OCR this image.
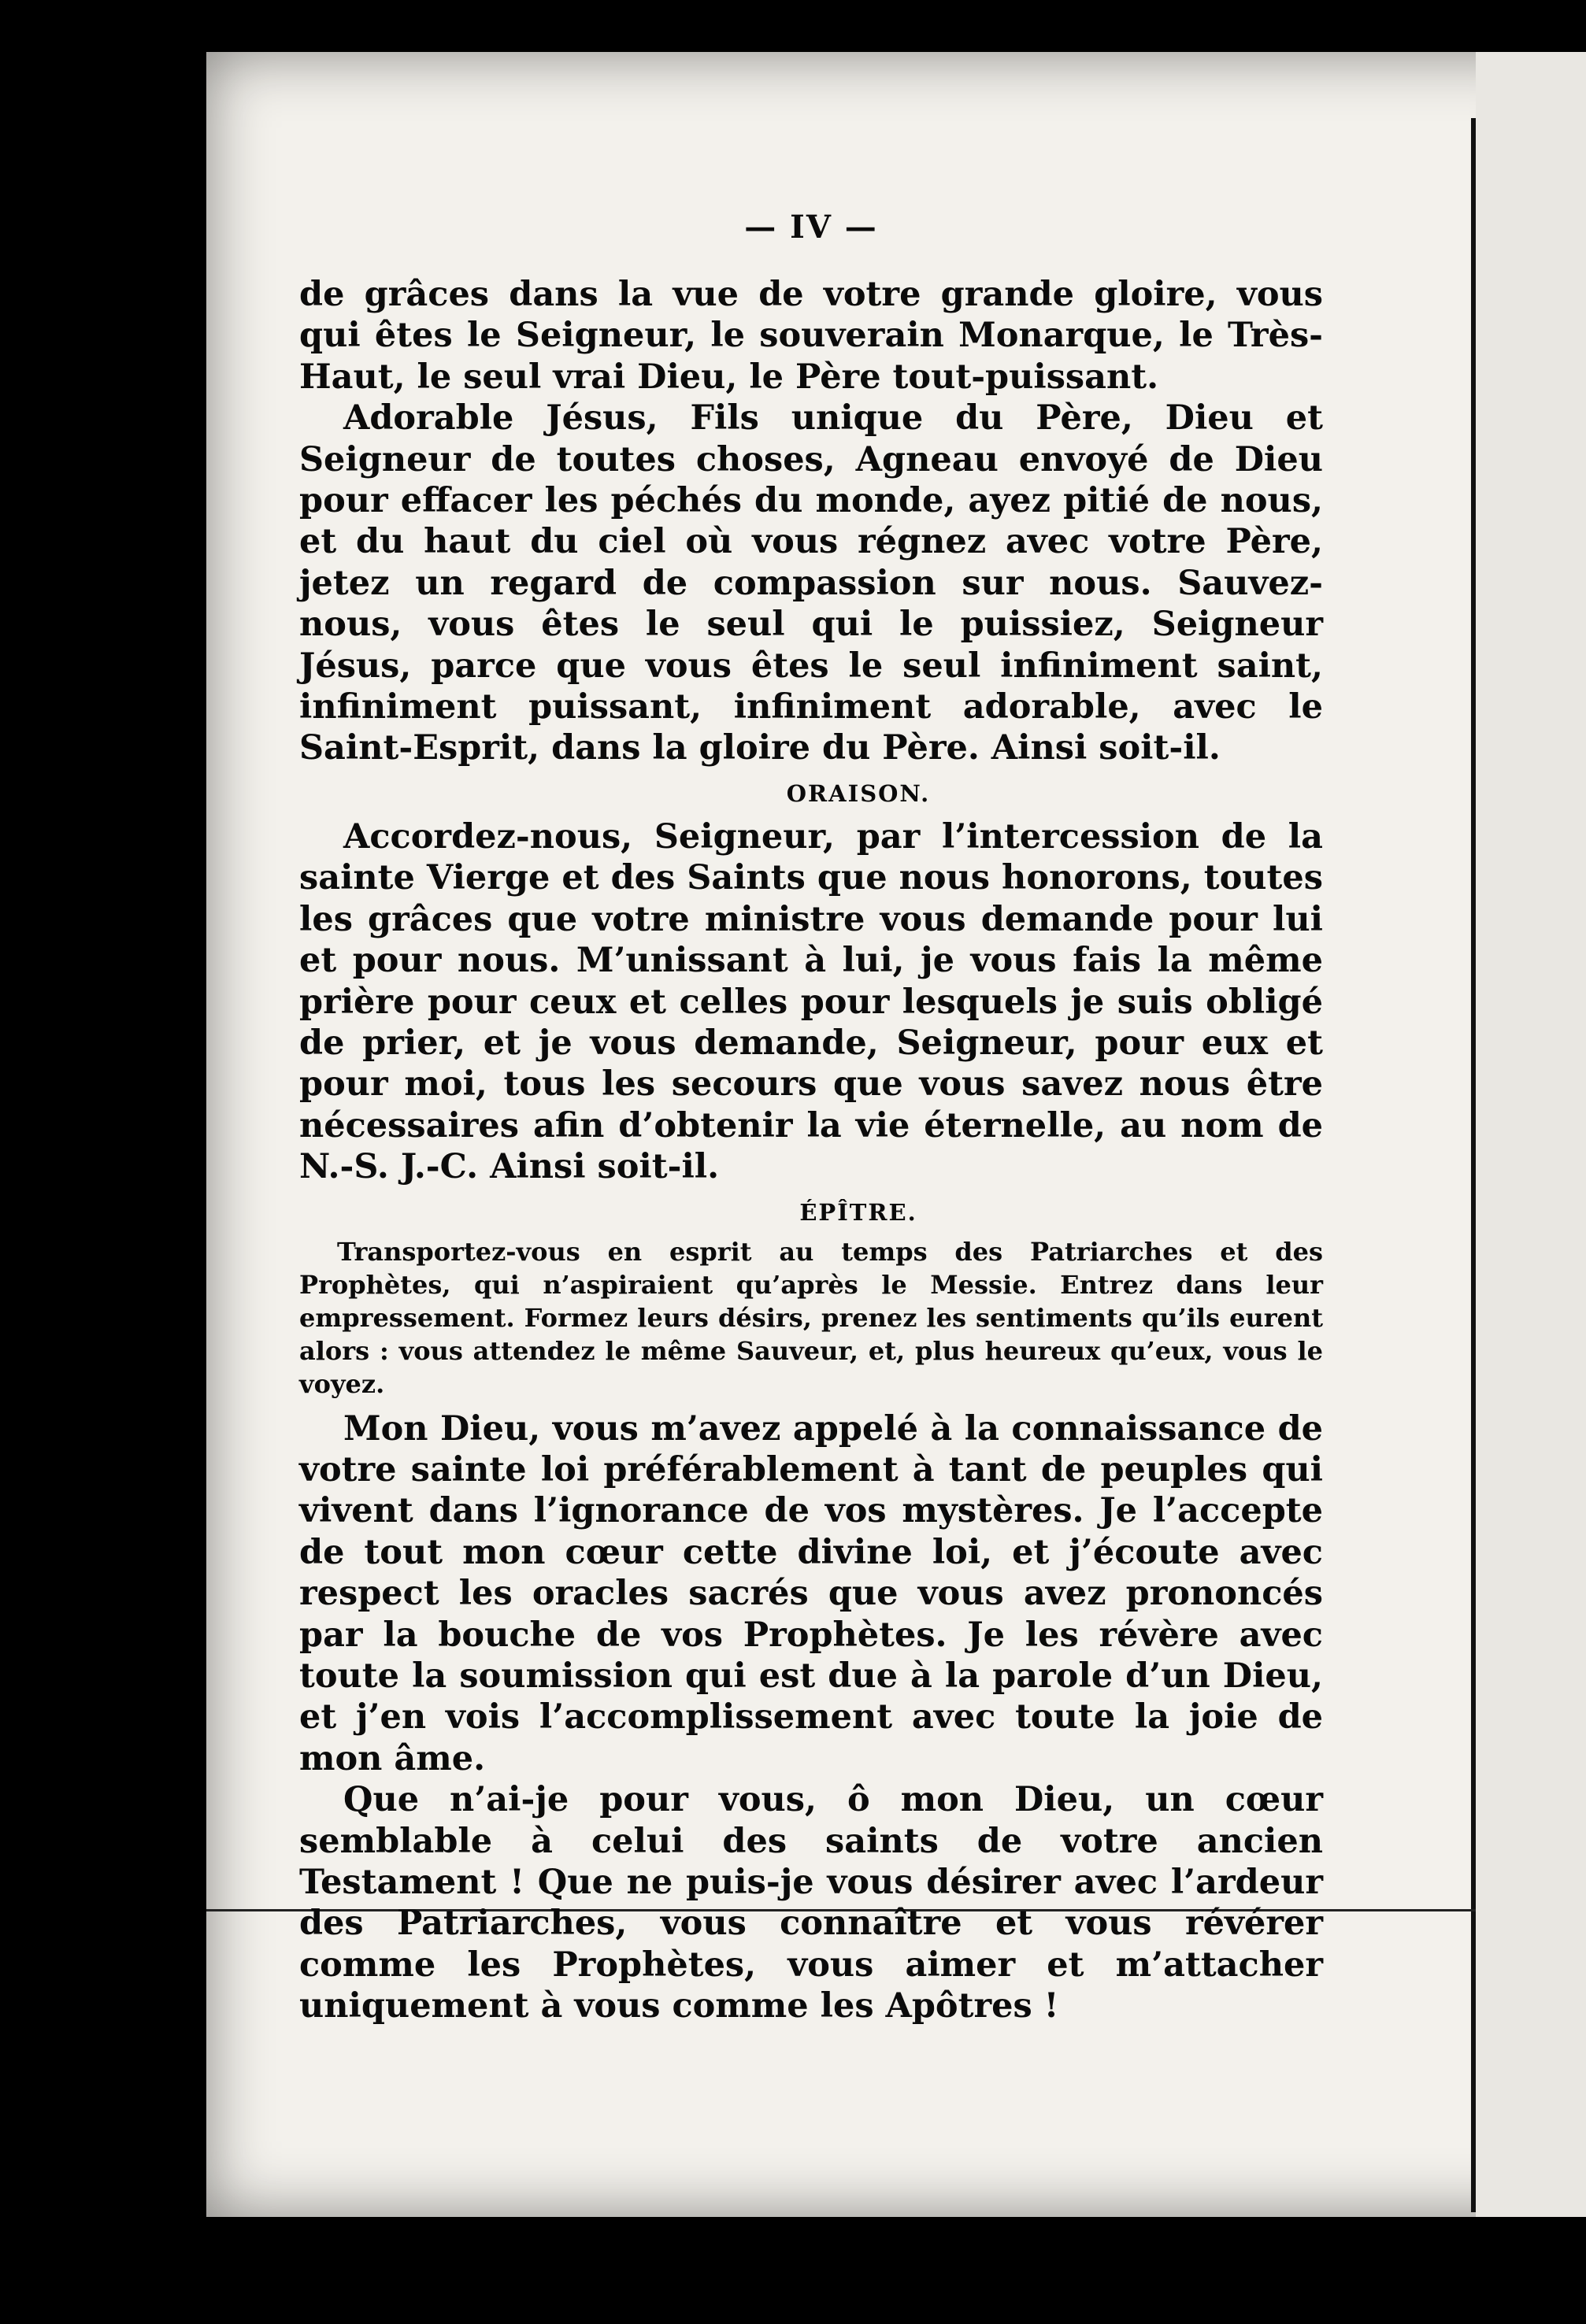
— IV —

de grâces dans la vue de votre grande gloire, vous qui êtes le Seigneur, le souverain Monarque, le Très-Haut, le seul vrai Dieu, le Père tout-puissant.

Adorable Jésus, Fils unique du Père, Dieu et Seigneur de toutes choses, Agneau envoyé de Dieu pour effacer les péchés du monde, ayez pitié de nous, et du haut du ciel où vous régnez avec votre Père, jetez un regard de compassion sur nous. Sauvez-nous, vous êtes le seul qui le puissiez, Seigneur Jésus, parce que vous êtes le seul infiniment saint, infiniment puissant, infiniment adorable, avec le Saint-Esprit, dans la gloire du Père. Ainsi soit-il.

ORAISON.

Accordez-nous, Seigneur, par l’intercession de la sainte Vierge et des Saints que nous honorons, toutes les grâces que votre ministre vous demande pour lui et pour nous. M’unissant à lui, je vous fais la même prière pour ceux et celles pour lesquels je suis obligé de prier, et je vous demande, Seigneur, pour eux et pour moi, tous les secours que vous savez nous être nécessaires afin d’obtenir la vie éternelle, au nom de N.-S. J.-C. Ainsi soit-il.

ÉPÎTRE.

Transportez-vous en esprit au temps des Patriarches et des Prophètes, qui n’aspiraient qu’après le Messie. Entrez dans leur empressement. Formez leurs désirs, prenez les sentiments qu’ils eurent alors : vous attendez le même Sauveur, et, plus heureux qu’eux, vous le voyez.

Mon Dieu, vous m’avez appelé à la connaissance de votre sainte loi préférablement à tant de peuples qui vivent dans l’ignorance de vos mystères. Je l’accepte de tout mon cœur cette divine loi, et j’écoute avec respect les oracles sacrés que vous avez prononcés par la bouche de vos Prophètes. Je les révère avec toute la soumission qui est due à la parole d’un Dieu, et j’en vois l’accomplissement avec toute la joie de mon âme.

Que n’ai-je pour vous, ô mon Dieu, un cœur semblable à celui des saints de votre ancien Testament ! Que ne puis-je vous désirer avec l’ardeur des Patriarches, vous connaître et vous révérer comme les Prophètes, vous aimer et m’attacher uniquement à vous comme les Apôtres !
